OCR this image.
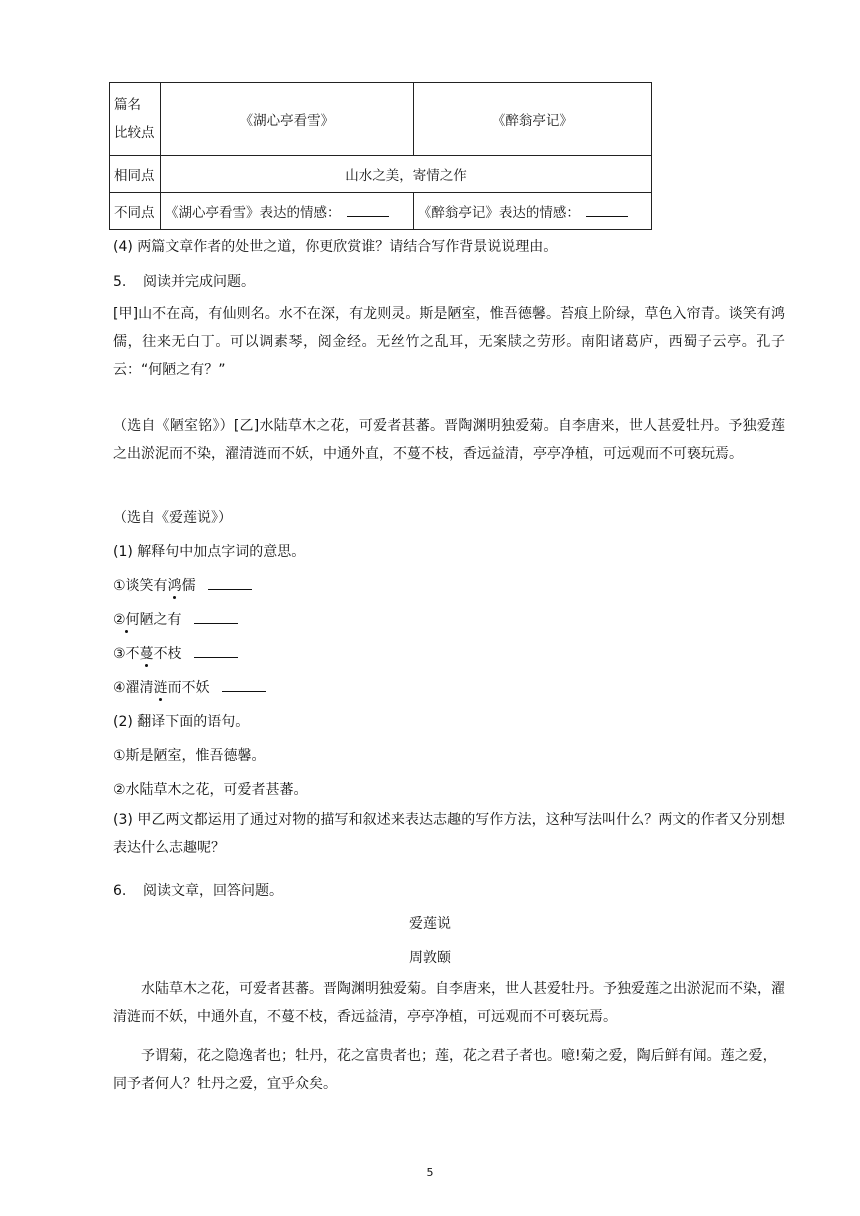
篇名
比较点	《湖心亭看雪》	《醉翁亭记》
相同点	山水之美，寄情之作	
不同点	《湖心亭看雪》表达的情感：	《醉翁亭记》表达的情感：
(4) 两篇文章作者的处世之道，你更欣赏谁？请结合写作背景说说理由。
5. 阅读并完成问题。
[甲]山不在高，有仙则名。水不在深，有龙则灵。斯是陋室，惟吾德馨。苔痕上阶绿，草色入帘青。谈笑有鸿儒，往来无白丁。可以调素琴，阅金经。无丝竹之乱耳，无案牍之劳形。南阳诸葛庐，西蜀子云亭。孔子云：“何陋之有？”
（选自《陋室铭》）[乙]水陆草木之花，可爱者甚蕃。晋陶渊明独爱菊。自李唐来，世人甚爱牡丹。予独爱莲之出淤泥而不染，濯清涟而不妖，中通外直，不蔓不枝，香远益清，亭亭净植，可远观而不可亵玩焉。
（选自《爱莲说》）
(1) 解释句中加点字词的意思。
①谈笑有鸿儒
②何陋之有
③不蔓不枝
④濯清涟而不妖
(2) 翻译下面的语句。
①斯是陋室，惟吾德馨。
②水陆草木之花，可爱者甚蕃。
(3) 甲乙两文都运用了通过对物的描写和叙述来表达志趣的写作方法，这种写法叫什么？两文的作者又分别想表达什么志趣呢？
6. 阅读文章，回答问题。
爱莲说
周敦颐
水陆草木之花，可爱者甚蕃。晋陶渊明独爱菊。自李唐来，世人甚爱牡丹。予独爱莲之出淤泥而不染，濯清涟而不妖，中通外直，不蔓不枝，香远益清，亭亭净植，可远观而不可亵玩焉。
予谓菊，花之隐逸者也；牡丹，花之富贵者也；莲，花之君子者也。噫!菊之爱，陶后鲜有闻。莲之爱，同予者何人？牡丹之爱，宜乎众矣。
5
